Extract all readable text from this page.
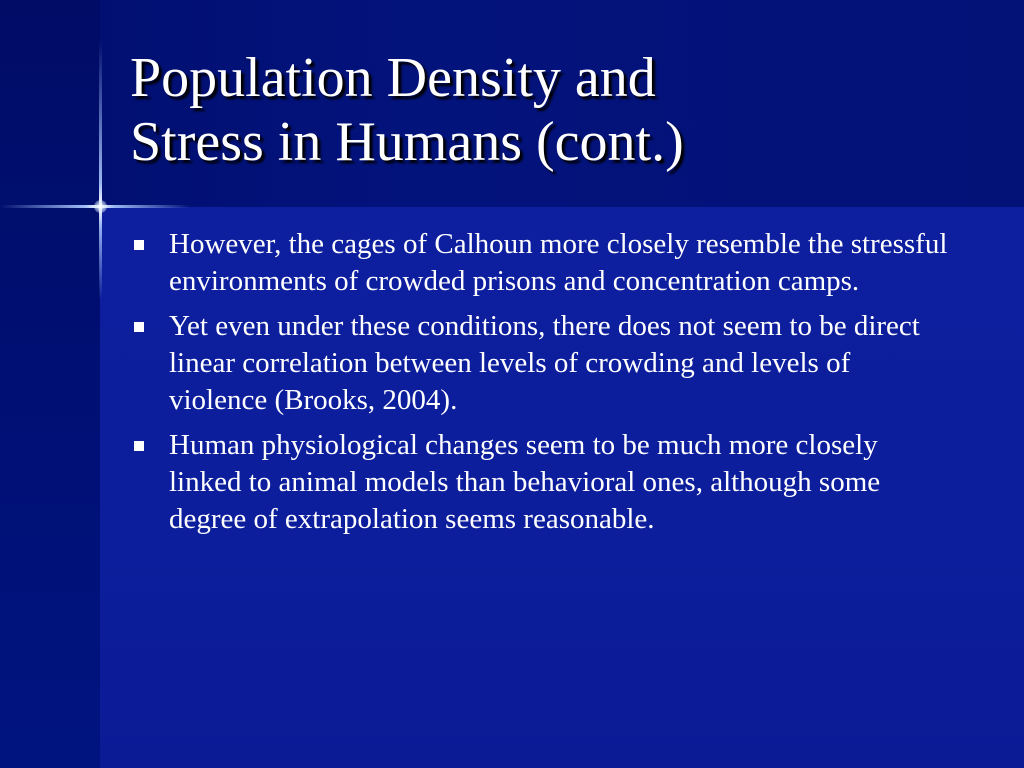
Population Density and
Stress in Humans (cont.)
However, the cages of Calhoun more closely resemble the stressful environments of crowded prisons and concentration camps.
Yet even under these conditions, there does not seem to be direct linear correlation between levels of crowding and levels of violence (Brooks, 2004).
Human physiological changes seem to be much more closely linked to animal models than behavioral ones, although some degree of extrapolation seems reasonable.
